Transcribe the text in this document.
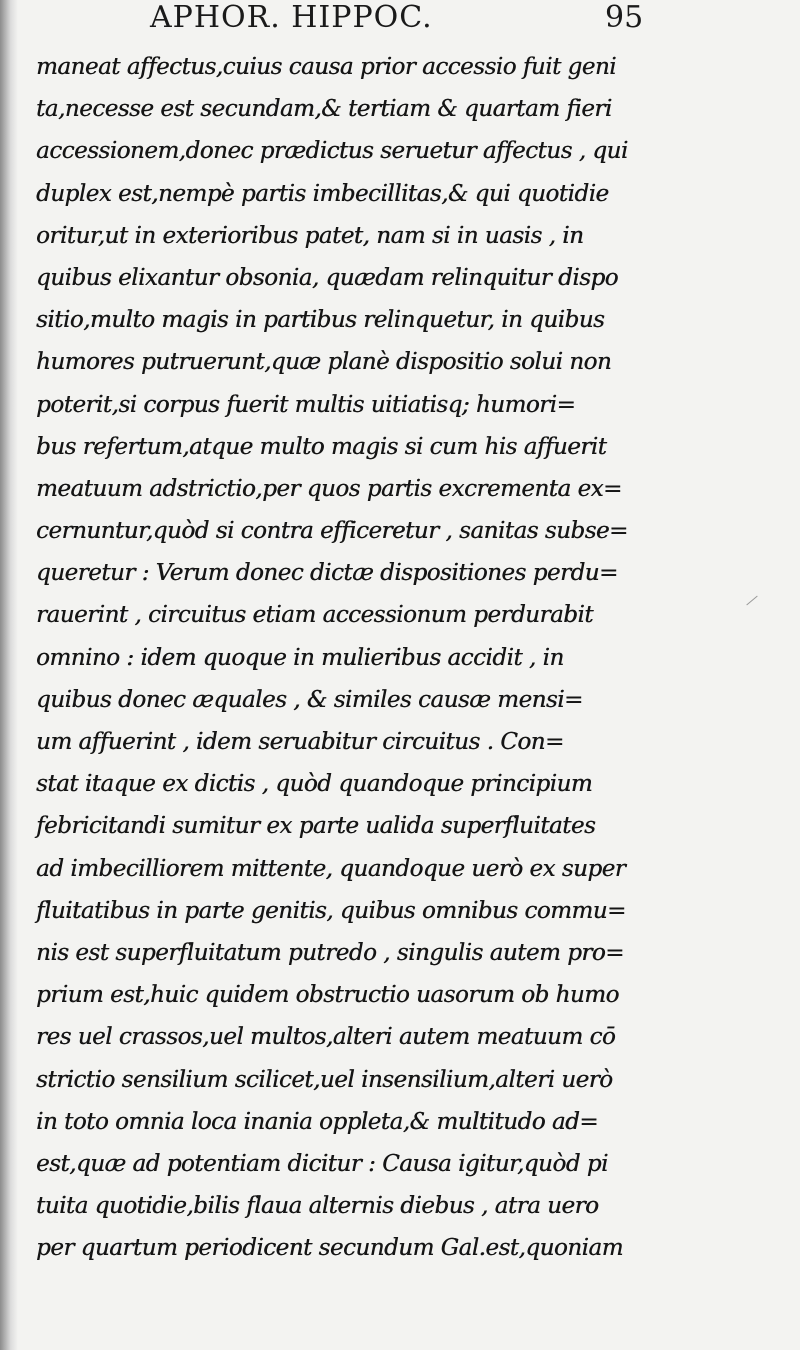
APHOR. HIPPOC.	95
maneat affectus,cuius causa prior accessio fuit geni
ta,necesse est secundam,& tertiam & quartam fieri
accessionem,donec prædictus seruetur affectus , qui
duplex est,nempè partis imbecillitas,& qui quotidie
oritur,ut in exterioribus patet, nam si in uasis , in
quibus elixantur obsonia, quædam relinquitur dispo
sitio,multo magis in partibus relinquetur, in quibus
humores putruerunt,quæ planè dispositio solui non
poterit,si corpus fuerit multis uitiatisq; humori=
bus refertum,atque multo magis si cum his affuerit
meatuum adstrictio,per quos partis excrementa ex=
cernuntur,quòd si contra efficeretur , sanitas subse=
queretur : Verum donec dictæ dispositiones perdu=
rauerint , circuitus etiam accessionum perdurabit
omnino : idem quoque in mulieribus accidit , in
quibus donec æquales , & similes causæ mensi=
um affuerint , idem seruabitur circuitus . Con=
stat itaque ex dictis , quòd quandoque principium
febricitandi sumitur ex parte ualida superfluitates
ad imbecilliorem mittente, quandoque uerò ex super
fluitatibus in parte genitis, quibus omnibus commu=
nis est superfluitatum putredo , singulis autem pro=
prium est,huic quidem obstructio uasorum ob humo
res uel crassos,uel multos,alteri autem meatuum cō
strictio sensilium scilicet,uel insensilium,alteri uerò
in toto omnia loca inania oppleta,& multitudo ad=
est,quæ ad potentiam dicitur : Causa igitur,quòd pi
tuita quotidie,bilis flaua alternis diebus , atra uero
per quartum periodicent secundum Gal.est,quoniam
